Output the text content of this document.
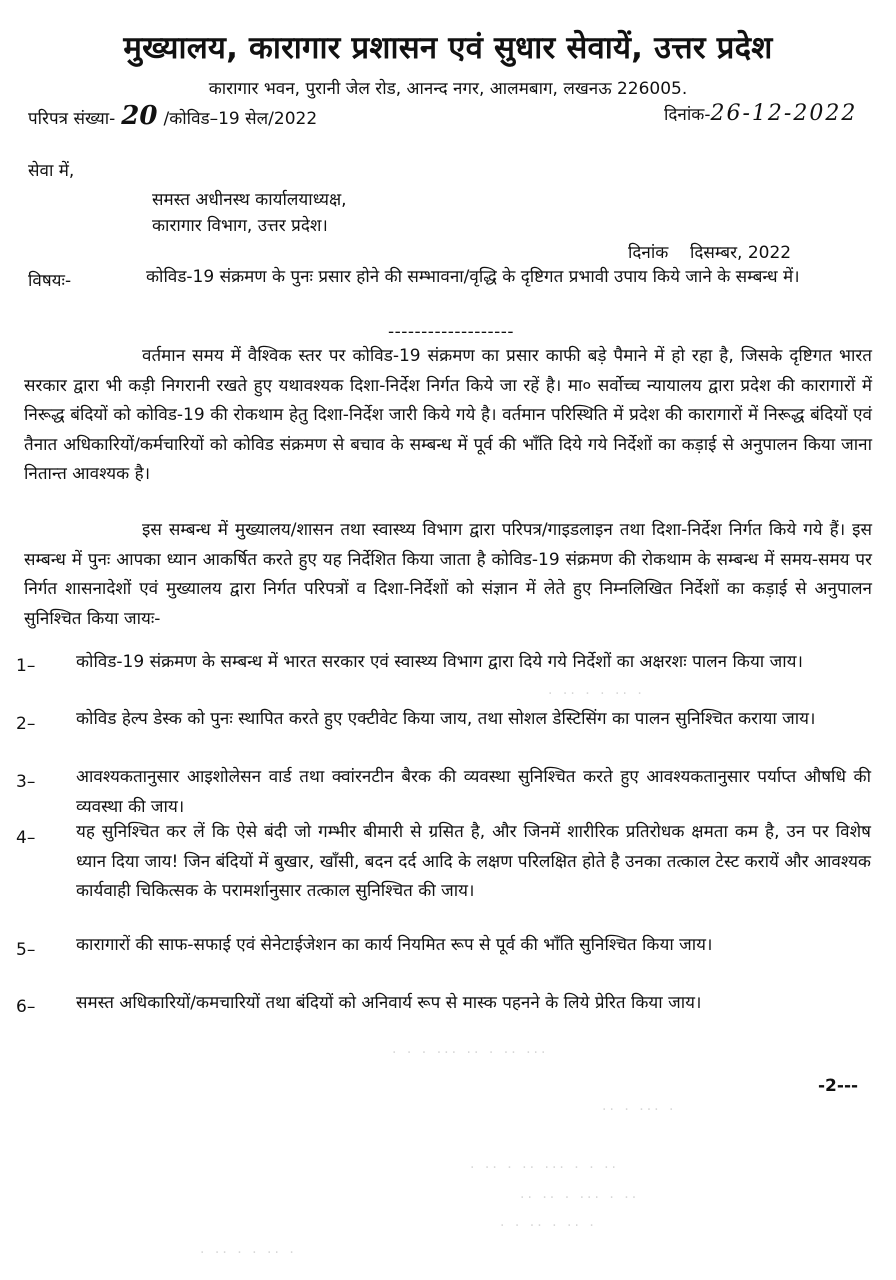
मुख्यालय, कारागार प्रशासन एवं सुधार सेवायें, उत्तर प्रदेश
कारागार भवन, पुरानी जेल रोड, आनन्द नगर, आलमबाग, लखनऊ 226005.
परिपत्र संख्या- 20 /कोविड–19 सेल/2022	दिनांक-26-12-2022
सेवा में,
समस्त अधीनस्थ कार्यालयाध्यक्ष,
कारागार विभाग, उत्तर प्रदेश।
दिनांक    दिसम्बर, 2022
विषयः-	कोविड-19 संक्रमण के पुनः प्रसार होने की सम्भावना/वृद्धि के दृष्टिगत प्रभावी उपाय किये जाने के सम्बन्ध में।
-------------------
वर्तमान समय में वैश्विक स्तर पर कोविड-19 संक्रमण का प्रसार काफी बड़े पैमाने में हो रहा है, जिसके दृष्टिगत भारत सरकार द्वारा भी कड़ी निगरानी रखते हुए यथावश्यक दिशा-निर्देश निर्गत किये जा रहें है। मा० सर्वोच्च न्यायालय द्वारा प्रदेश की कारागारों में निरूद्ध बंदियों को कोविड-19 की रोकथाम हेतु दिशा-निर्देश जारी किये गये है। वर्तमान परिस्थिति में प्रदेश की कारागारों में निरूद्ध बंदियों एवं तैनात अधिकारियों/कर्मचारियों को कोविड संक्रमण से बचाव के सम्बन्ध में पूर्व की भाँति दिये गये निर्देशों का कड़ाई से अनुपालन किया जाना नितान्त आवश्यक है।
इस सम्बन्ध में मुख्यालय/शासन तथा स्वास्थ्य विभाग द्वारा परिपत्र/गाइडलाइन तथा दिशा-निर्देश निर्गत किये गये हैं। इस सम्बन्ध में पुनः आपका ध्यान आकर्षित करते हुए यह निर्देशित किया जाता है कोविड-19 संक्रमण की रोकथाम के सम्बन्ध में समय-समय पर निर्गत शासनादेशों एवं मुख्यालय द्वारा निर्गत परिपत्रों व दिशा-निर्देशों को संज्ञान में लेते हुए निम्नलिखित निर्देशों का कड़ाई से अनुपालन सुनिश्चित किया जायः-
1– कोविड-19 संक्रमण के सम्बन्ध में भारत सरकार एवं स्वास्थ्य विभाग द्वारा दिये गये निर्देशों का अक्षरशः पालन किया जाय।
2– कोविड हेल्प डेस्क को पुनः स्थापित करते हुए एक्टीवेट किया जाय, तथा सोशल डेस्टिसिंग का पालन सुनिश्चित कराया जाय।
3– आवश्यकतानुसार आइशोलेसन वार्ड तथा क्वांरनटीन बैरक की व्यवस्था सुनिश्चित करते हुए आवश्यकतानुसार पर्याप्त औषधि की व्यवस्था की जाय।
4– यह सुनिश्चित कर लें कि ऐसे बंदी जो गम्भीर बीमारी से ग्रसित है, और जिनमें शारीरिक प्रतिरोधक क्षमता कम है, उन पर विशेष ध्यान दिया जाय! जिन बंदियों में बुखार, खाँसी, बदन दर्द आदि के लक्षण परिलक्षित होते है उनका तत्काल टेस्ट करायें और आवश्यक कार्यवाही चिकित्सक के परामर्शानुसार तत्काल सुनिश्चित की जाय।
5– कारागारों की साफ-सफाई एवं सेनेटाईजेशन का कार्य नियमित रूप से पूर्व की भाँति सुनिश्चित किया जाय।
6– समस्त अधिकारियों/कमचारियों तथा बंदियों को अनिवार्य रूप से मास्क पहनने के लिये प्रेरित किया जाय।
-2---
· · · ··· ·· · ·· ···
· ·· · · ·· ·
·· · ··· ·
· ·· · ·· ··· · · ··
·· ·· · ··· · ··
· · ·· · ·· ·
· ·· · · ·· ·
